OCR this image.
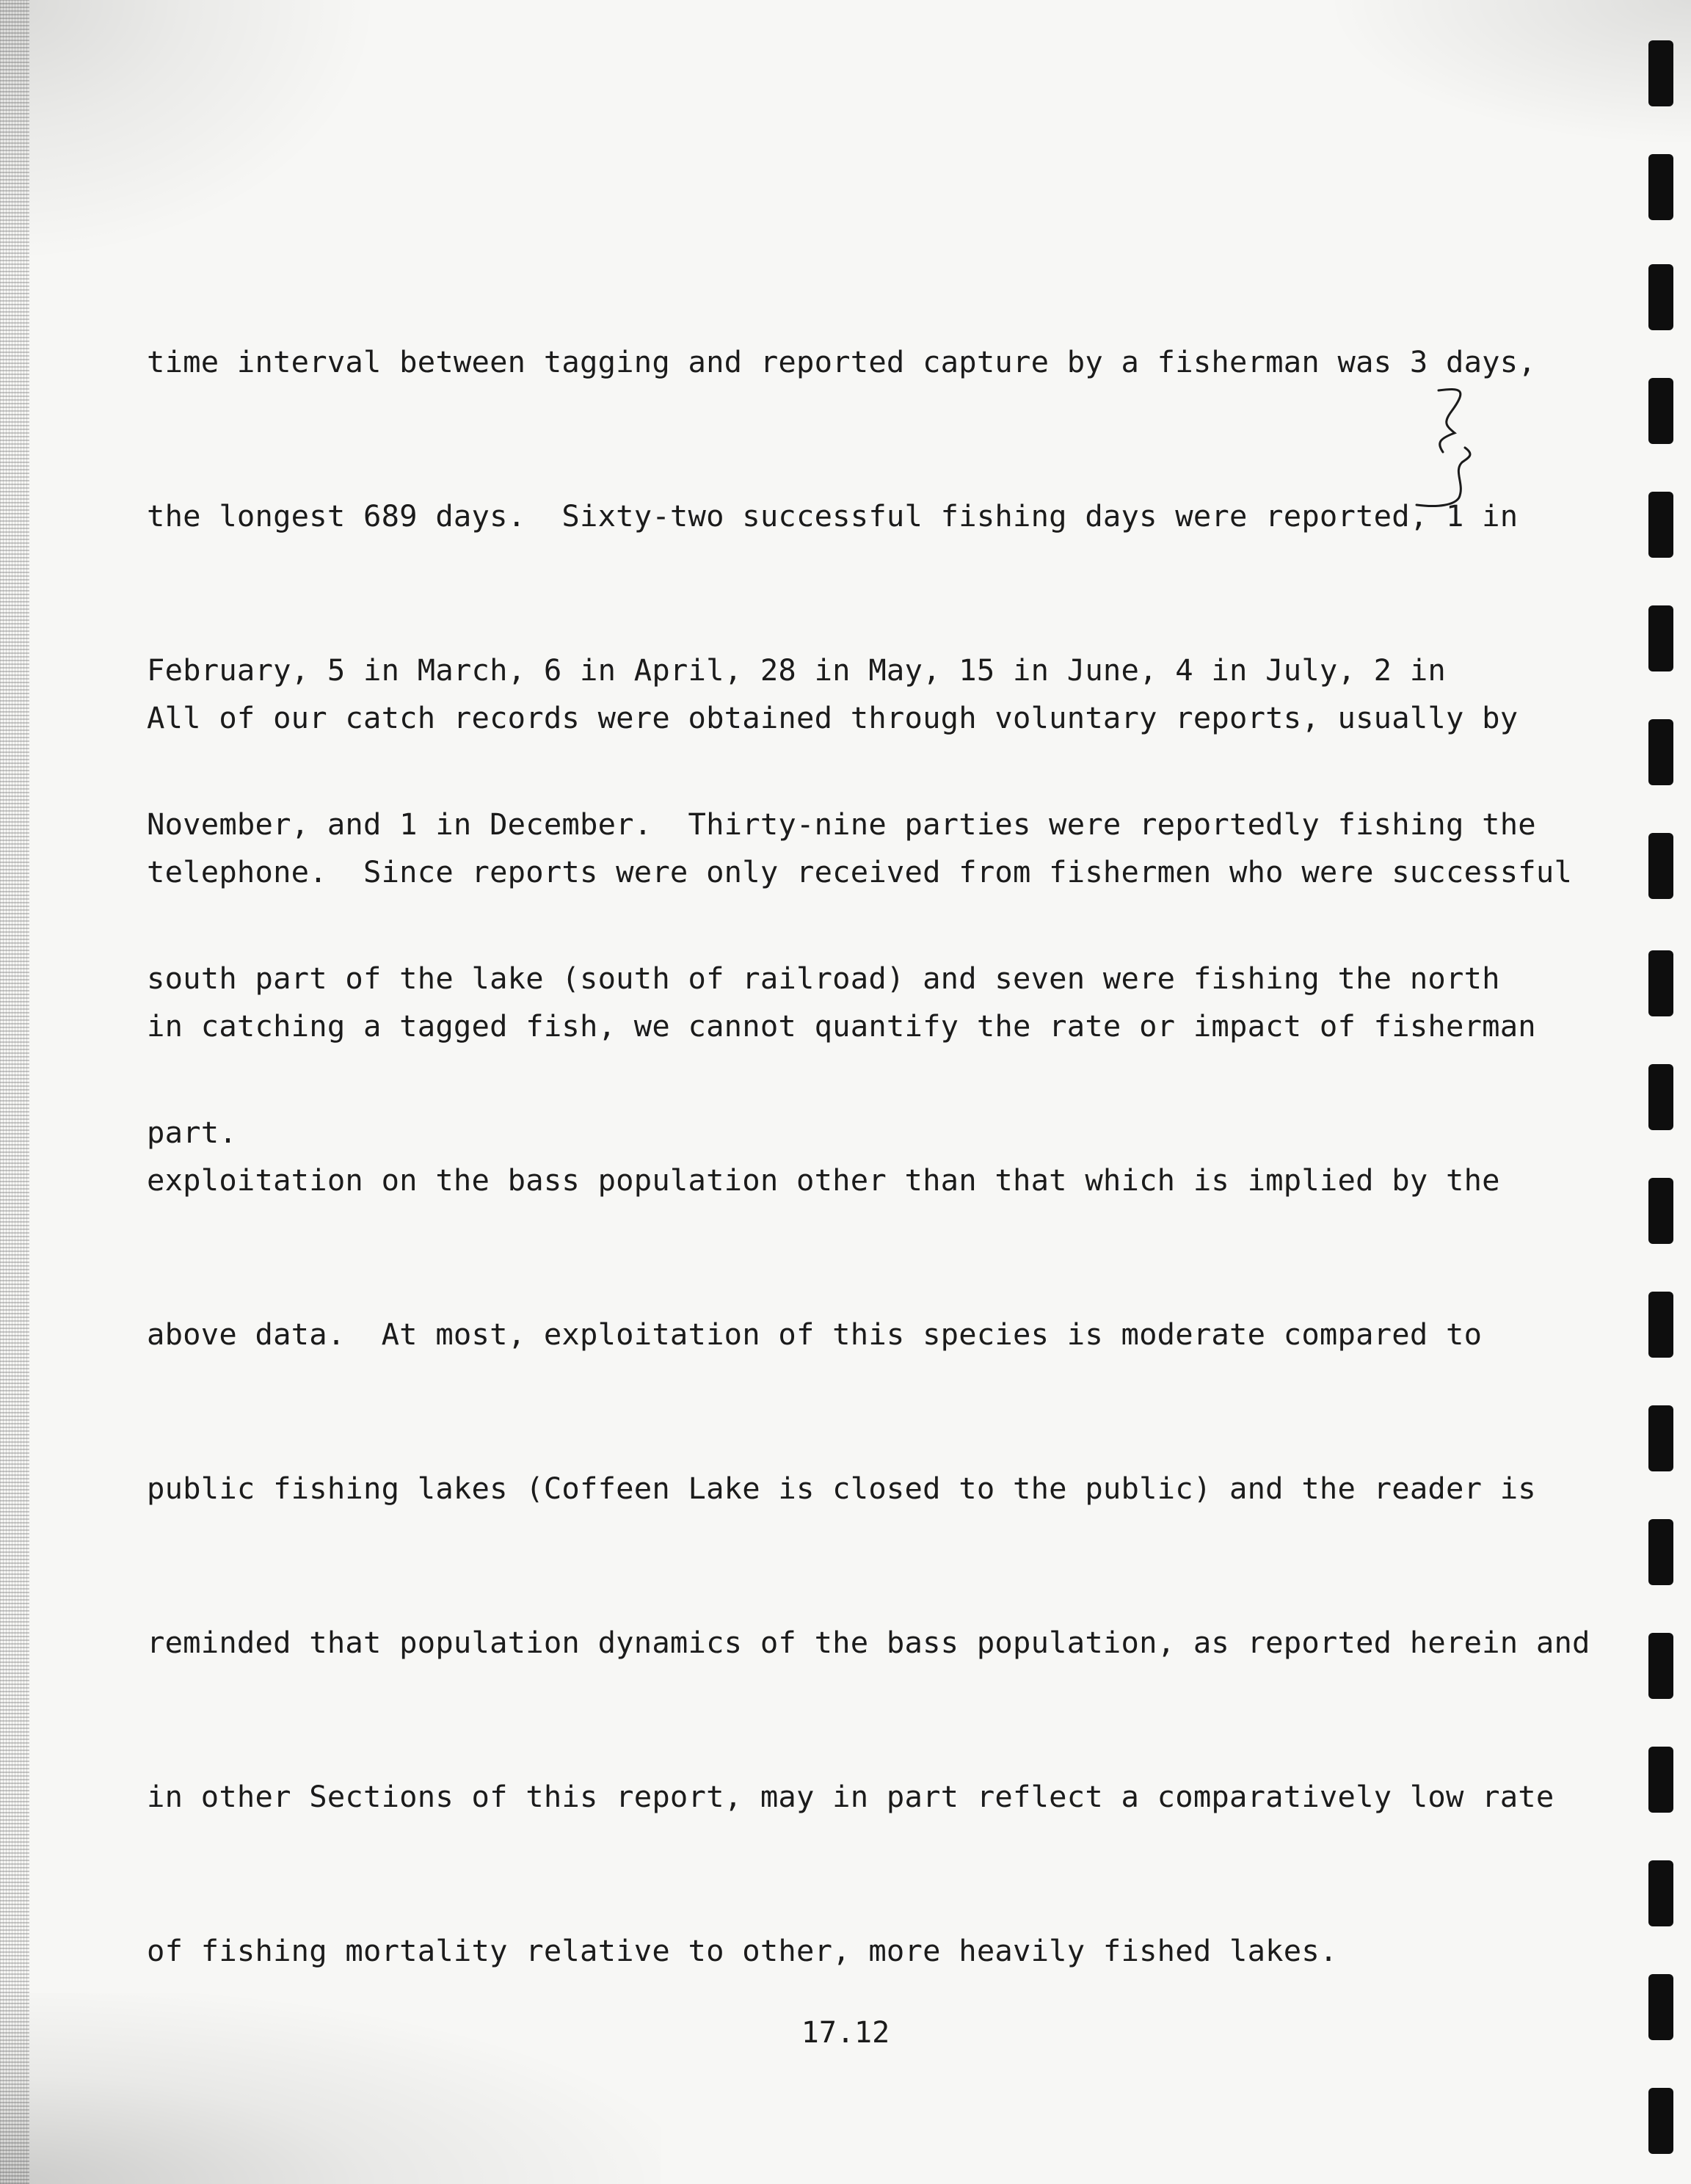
time interval between tagging and reported capture by a fisherman was 3 days,

the longest 689 days.  Sixty-two successful fishing days were reported, 1 in

February, 5 in March, 6 in April, 28 in May, 15 in June, 4 in July, 2 in

November, and 1 in December.  Thirty-nine parties were reportedly fishing the

south part of the lake (south of railroad) and seven were fishing the north

part.

All of our catch records were obtained through voluntary reports, usually by

telephone.  Since reports were only received from fishermen who were successful

in catching a tagged fish, we cannot quantify the rate or impact of fisherman

exploitation on the bass population other than that which is implied by the

above data.  At most, exploitation of this species is moderate compared to

public fishing lakes (Coffeen Lake is closed to the public) and the reader is

reminded that population dynamics of the bass population, as reported herein and

in other Sections of this report, may in part reflect a comparatively low rate

of fishing mortality relative to other, more heavily fished lakes.

17.12
